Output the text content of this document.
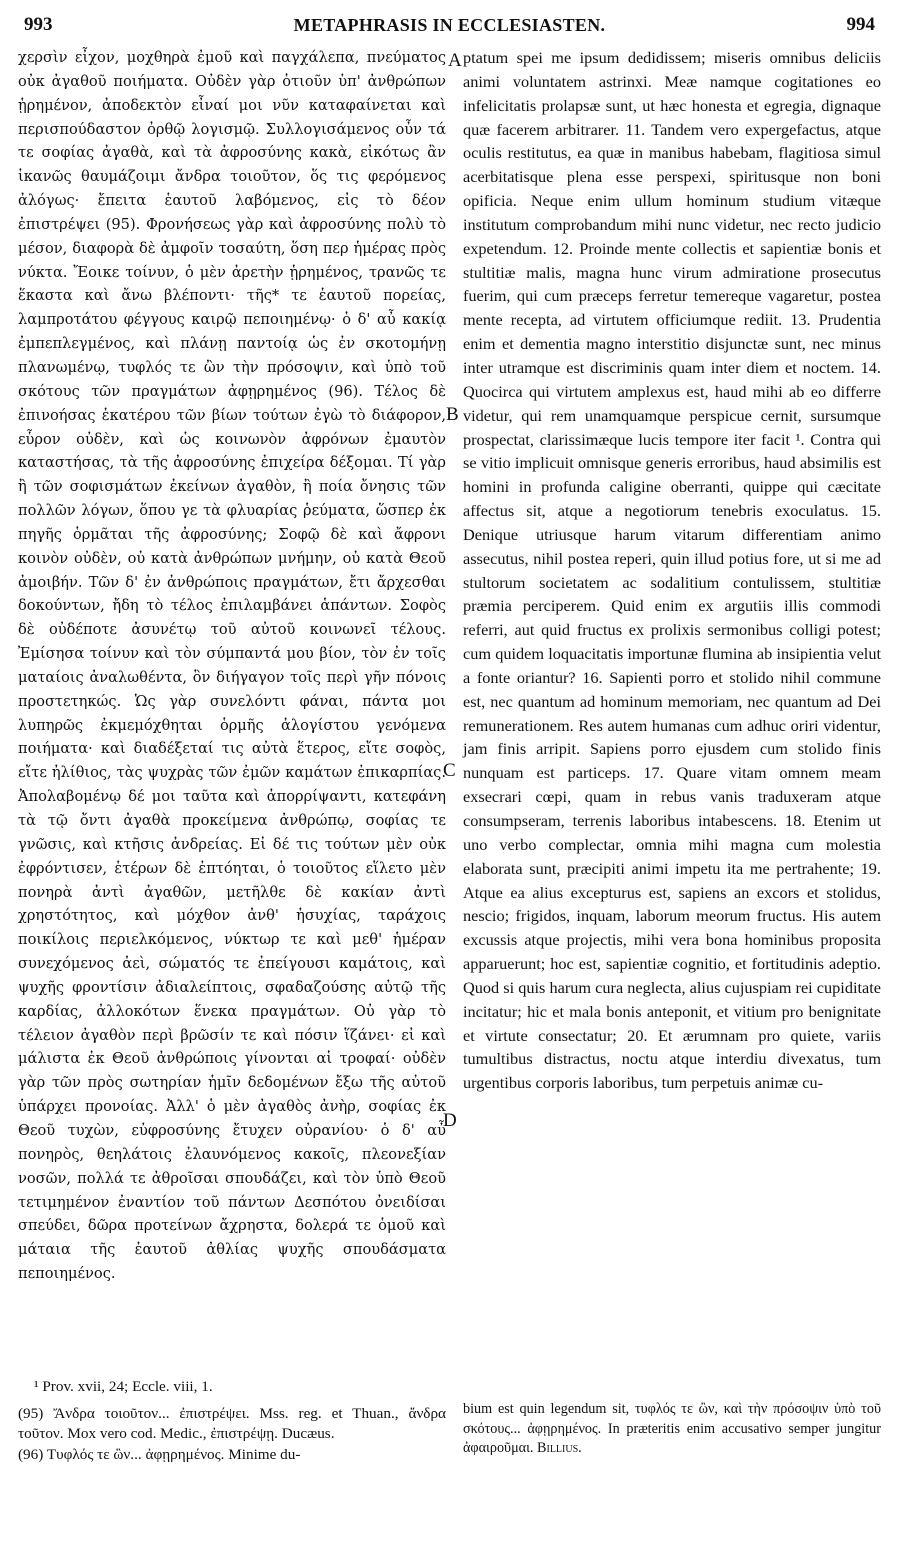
993	METAPHRASIS IN ECCLESIASTEN.	994

χερσὶν εἶχον, μοχθηρὰ ἐμοῦ καὶ παγχάλεπα, πνεύματος οὐκ ἀγαθοῦ ποιήματα. Οὐδὲν γὰρ ὁτιοῦν ὑπ' ἀνθρώπων ᾑρημένον, ἀποδεκτὸν εἶναί μοι νῦν καταφαίνεται καὶ περισπούδαστον ὀρθῷ λογισμῷ. Συλλογισάμενος οὖν τά τε σοφίας ἀγαθὰ, καὶ τὰ ἀφροσύνης κακὰ, εἰκότως ἂν ἱκανῶς θαυμάζοιμι ἄνδρα τοιοῦτον, ὅς τις φερόμενος ἀλόγως· ἔπειτα ἑαυτοῦ λαβόμενος, εἰς τὸ δέον ἐπιστρέψει (95). Φρονήσεως γὰρ καὶ ἀφροσύνης πολὺ τὸ μέσον, διαφορὰ δὲ ἀμφοῖν τοσαύτη, ὅση περ ἡμέρας πρὸς νύκτα. Ἔοικε τοίνυν, ὁ μὲν ἀρετὴν ᾑρημένος, τρανῶς τε ἕκαστα καὶ ἄνω βλέποντι· τῆς* τε ἑαυτοῦ πορείας, λαμπροτάτου φέγγους καιρῷ πεποιημένῳ· ὁ δ' αὖ κακίᾳ ἐμπεπλεγμένος, καὶ πλάνῃ παντοίᾳ ὡς ἐν σκοτομήνῃ πλανωμένῳ, τυφλός τε ὢν τὴν πρόσοψιν, καὶ ὑπὸ τοῦ σκότους τῶν πραγμάτων ἀφῃρημένος (96). Τέλος δὲ ἐπινοήσας ἑκατέρου τῶν βίων τούτων ἐγὼ τὸ διάφορον, εὗρον οὐδὲν, καὶ ὡς κοινωνὸν ἀφρόνων ἐμαυτὸν καταστήσας, τὰ τῆς ἀφροσύνης ἐπιχείρα δέξομαι. Τί γὰρ ἢ τῶν σοφισμάτων ἐκείνων ἀγαθὸν, ἢ ποία ὄνησις τῶν πολλῶν λόγων, ὅπου γε τὰ φλυαρίας ῥεύματα, ὥσπερ ἐκ πηγῆς ὁρμᾶται τῆς ἀφροσύνης; Σοφῷ δὲ καὶ ἄφρονι κοινὸν οὐδὲν, οὐ κατὰ ἀνθρώπων μνήμην, οὐ κατὰ Θεοῦ ἀμοιβήν. Τῶν δ' ἐν ἀνθρώποις πραγμάτων, ἔτι ἄρχεσθαι δοκούντων, ἤδη τὸ τέλος ἐπιλαμβάνει ἁπάντων. Σοφὸς δὲ οὐδέποτε ἀσυνέτῳ τοῦ αὐτοῦ κοινωνεῖ τέλους. Ἐμίσησα τοίνυν καὶ τὸν σύμπαντά μου βίον, τὸν ἐν τοῖς ματαίοις ἀναλωθέντα, ὃν διήγαγον τοῖς περὶ γῆν πόνοις προστετηκώς. Ὡς γὰρ συνελόντι φάναι, πάντα μοι λυπηρῶς ἐκμεμόχθηται ὁρμῆς ἀλογίστου γενόμενα ποιήματα· καὶ διαδέξεταί τις αὐτὰ ἕτερος, εἴτε σοφὸς, εἴτε ἠλίθιος, τὰς ψυχρὰς τῶν ἐμῶν καμάτων ἐπικαρπίας. Ἀπολαβομένῳ δέ μοι ταῦτα καὶ ἀπορρίψαντι, κατεφάνη τὰ τῷ ὄντι ἀγαθὰ προκείμενα ἀνθρώπῳ, σοφίας τε γνῶσις, καὶ κτῆσις ἀνδρείας. Εἰ δέ τις τούτων μὲν οὐκ ἐφρόντισεν, ἑτέρων δὲ ἐπτόηται, ὁ τοιοῦτος εἵλετο μὲν πονηρὰ ἀντὶ ἀγαθῶν, μετῆλθε δὲ κακίαν ἀντὶ χρηστότητος, καὶ μόχθον ἀνθ' ἡσυχίας, ταράχοις ποικίλοις περιελκόμενος, νύκτωρ τε καὶ μεθ' ἡμέραν συνεχόμενος ἀεὶ, σώματός τε ἐπείγουσι καμάτοις, καὶ ψυχῆς φροντίσιν ἀδιαλείπτοις, σφαδαζούσης αὐτῷ τῆς καρδίας, ἀλλοκότων ἕνεκα πραγμάτων. Οὐ γὰρ τὸ τέλειον ἀγαθὸν περὶ βρῶσίν τε καὶ πόσιν ἵζάνει· εἰ καὶ μάλιστα ἐκ Θεοῦ ἀνθρώποις γίνονται αἱ τροφαί· οὐδὲν γὰρ τῶν πρὸς σωτηρίαν ἡμῖν δεδομένων ἔξω τῆς αὐτοῦ ὑπάρχει προνοίας. Ἀλλ' ὁ μὲν ἀγαθὸς ἀνὴρ, σοφίας ἐκ Θεοῦ τυχὼν, εὐφροσύνης ἔτυχεν οὐρανίου· ὁ δ' αὖ πονηρὸς, θεηλάτοις ἐλαυνόμενος κακοῖς, πλεονεξίαν νοσῶν, πολλά τε ἀθροῖσαι σπουδάζει, καὶ τὸν ὑπὸ Θεοῦ τετιμημένον ἐναντίον τοῦ πάντων Δεσπότου ὀνειδίσαι σπεύδει, δῶρα προτείνων ἄχρηστα, δολερά τε ὁμοῦ καὶ μάταια τῆς ἑαυτοῦ ἀθλίας ψυχῆς σπουδάσματα πεποιημένος.

A
B
C
D

ptatum spei me ipsum dedidissem; miseris omnibus deliciis animi voluntatem astrinxi. Meæ namque cogitationes eo infelicitatis prolapsæ sunt, ut hæc honesta et egregia, dignaque quæ facerem arbitrarer. 11. Tandem vero expergefactus, atque oculis restitutus, ea quæ in manibus habebam, flagitiosa simul acerbitatisque plena esse perspexi, spiritusque non boni opificia. Neque enim ullum hominum studium vitæque institutum comprobandum mihi nunc videtur, nec recto judicio expetendum. 12. Proinde mente collectis et sapientiæ bonis et stultitiæ malis, magna hunc virum admiratione prosecutus fuerim, qui cum præceps ferretur temereque vagaretur, postea mente recepta, ad virtutem officiumque rediit. 13. Prudentia enim et dementia magno interstitio disjunctæ sunt, nec minus inter utramque est discriminis quam inter diem et noctem. 14. Quocirca qui virtutem amplexus est, haud mihi ab eo differre videtur, qui rem unamquamque perspicue cernit, sursumque prospectat, clarissimæque lucis tempore iter facit ¹. Contra qui se vitio implicuit omnisque generis erroribus, haud absimilis est homini in profunda caligine oberranti, quippe qui cæcitate affectus sit, atque a negotiorum tenebris exoculatus. 15. Denique utriusque harum vitarum differentiam animo assecutus, nihil postea reperi, quin illud potius fore, ut si me ad stultorum societatem ac sodalitium contulissem, stultitiæ præmia perciperem. Quid enim ex argutiis illis commodi referri, aut quid fructus ex prolixis sermonibus colligi potest; cum quidem loquacitatis importunæ flumina ab insipientia velut a fonte oriantur? 16. Sapienti porro et stolido nihil commune est, nec quantum ad hominum memoriam, nec quantum ad Dei remunerationem. Res autem humanas cum adhuc oriri videntur, jam finis arripit. Sapiens porro ejusdem cum stolido finis nunquam est particeps. 17. Quare vitam omnem meam exsecrari cœpi, quam in rebus vanis traduxeram atque consumpseram, terrenis laboribus intabescens. 18. Etenim ut uno verbo complectar, omnia mihi magna cum molestia elaborata sunt, præcipiti animi impetu ita me pertrahente; 19. Atque ea alius excepturus est, sapiens an excors et stolidus, nescio; frigidos, inquam, laborum meorum fructus. His autem excussis atque projectis, mihi vera bona hominibus proposita apparuerunt; hoc est, sapientiæ cognitio, et fortitudinis adeptio. Quod si quis harum cura neglecta, alius cujuspiam rei cupiditate incitatur; hic et mala bonis anteponit, et vitium pro benignitate et virtute consectatur; 20. Et ærumnam pro quiete, variis tumultibus distractus, noctu atque interdiu divexatus, tum urgentibus corporis laboribus, tum perpetuis animæ cu-

¹ Prov. xvii, 24; Eccle. viii, 1.

(95) Ἄνδρα τοιοῦτον... ἐπιστρέψει. Mss. reg. et Thuan., ἄνδρα τοῦτον. Mox vero cod. Medic., ἐπιστρέψῃ. Ducæus.

(96) Τυφλός τε ὢν... ἀφῃρημένος. Minime du-

bium est quin legendum sit, τυφλός τε ὢν, καὶ τὴν πρόσοψιν ὑπὸ τοῦ σκότους... ἀφῃρημένος. In præteritis enim accusativo semper jungitur ἀφαιροῦμαι. Billius.
